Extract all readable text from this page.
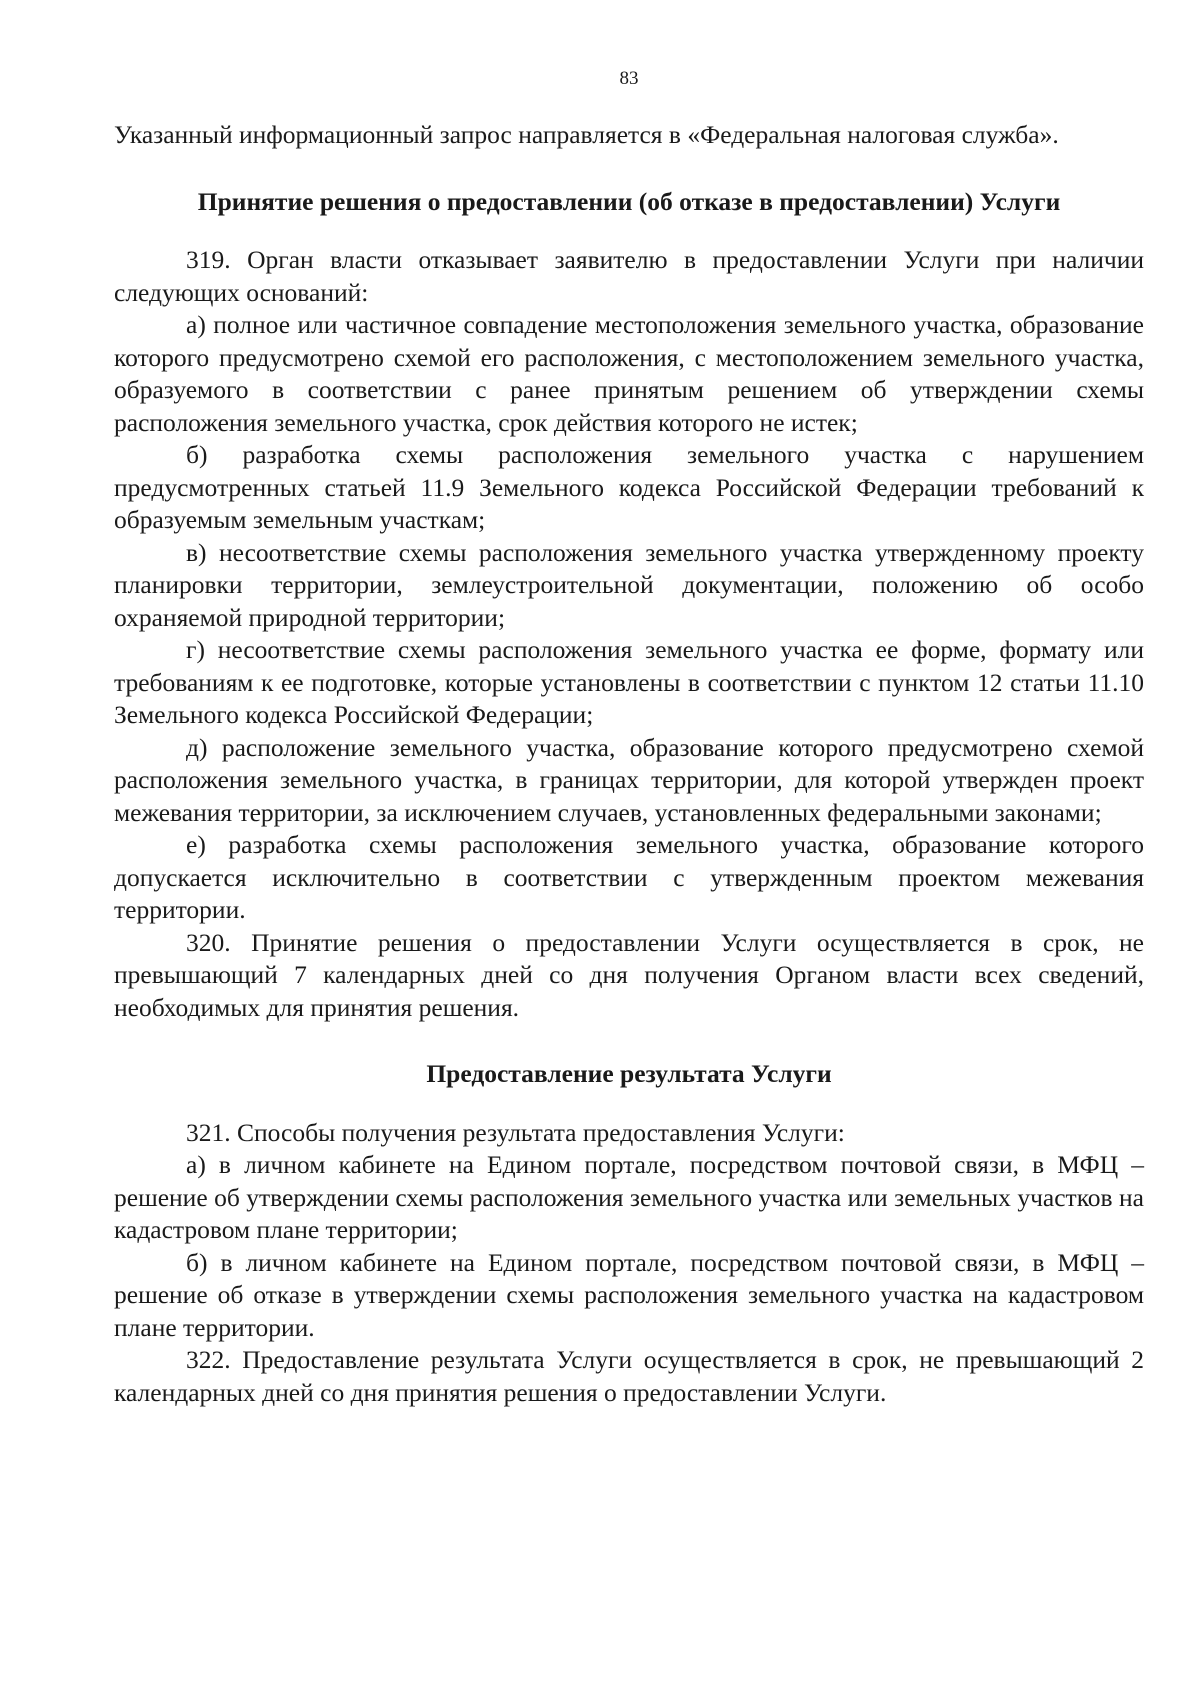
83

Указанный информационный запрос направляется в «Федеральная налоговая служба».

Принятие решения о предоставлении (об отказе в предоставлении) Услуги

319. Орган власти отказывает заявителю в предоставлении Услуги при наличии следующих оснований:

а) полное или частичное совпадение местоположения земельного участка, образование которого предусмотрено схемой его расположения, с местоположением земельного участка, образуемого в соответствии с ранее принятым решением об утверждении схемы расположения земельного участка, срок действия которого не истек;

б) разработка схемы расположения земельного участка с нарушением предусмотренных статьей 11.9 Земельного кодекса Российской Федерации требований к образуемым земельным участкам;

в) несоответствие схемы расположения земельного участка утвержденному проекту планировки территории, землеустроительной документации, положению об особо охраняемой природной территории;

г) несоответствие схемы расположения земельного участка ее форме, формату или требованиям к ее подготовке, которые установлены в соответствии с пунктом 12 статьи 11.10 Земельного кодекса Российской Федерации;

д) расположение земельного участка, образование которого предусмотрено схемой расположения земельного участка, в границах территории, для которой утвержден проект межевания территории, за исключением случаев, установленных федеральными законами;

е) разработка схемы расположения земельного участка, образование которого допускается исключительно в соответствии с утвержденным проектом межевания территории.

320. Принятие решения о предоставлении Услуги осуществляется в срок, не превышающий 7 календарных дней со дня получения Органом власти всех сведений, необходимых для принятия решения.

Предоставление результата Услуги

321. Способы получения результата предоставления Услуги:

а) в личном кабинете на Едином портале, посредством почтовой связи, в МФЦ – решение об утверждении схемы расположения земельного участка или земельных участков на кадастровом плане территории;

б) в личном кабинете на Едином портале, посредством почтовой связи, в МФЦ – решение об отказе в утверждении схемы расположения земельного участка на кадастровом плане территории.

322. Предоставление результата Услуги осуществляется в срок, не превышающий 2 календарных дней со дня принятия решения о предоставлении Услуги.
